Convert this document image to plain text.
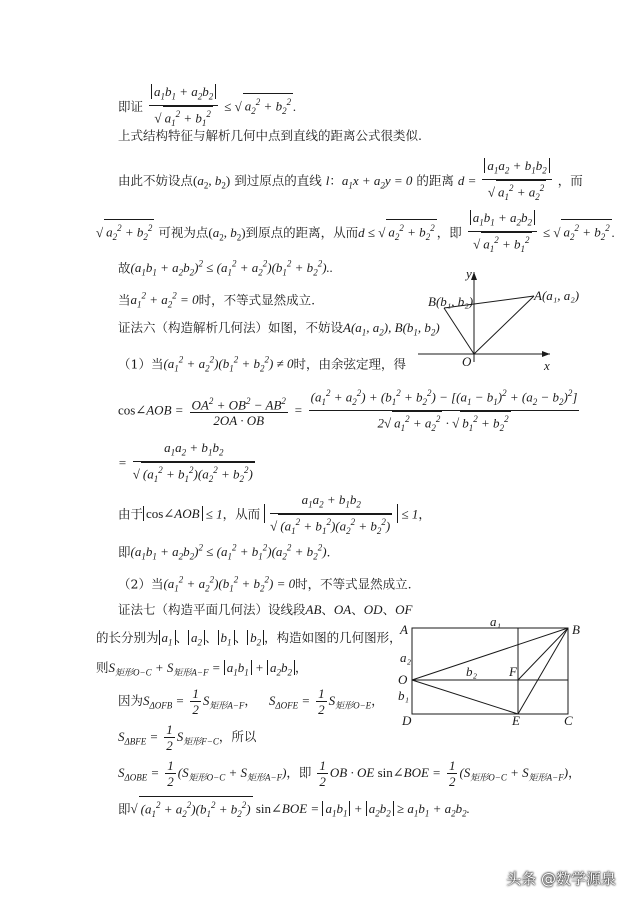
即证 $\frac{a_1b_1 + a_2b_2}{√ a_1^2 + b_1^2}$ ≤ √ $a_2^2 + b_2^2$ .
上式结构特征与解析几何中点到直线的距离公式很类似.
由此不妨设点($a_2$, $b_2$) 到过原点的直线 l：$a_1x + a_2y = 0$ 的距离 $d = \frac{a_1a_2 + b_1b_2}{√ a_1^2 + a_2^2}$ ，而
√ $a_2^2 + b_2^2$ 可视为点($a_2$, $b_2$)到原点的距离，从而d ≤ √ $a_2^2 + b_2^2$ ，即 $\frac{a_1b_1 + a_2b_2}{√ a_1^2 + b_1^2}$ ≤ √ $a_2^2 + b_2^2$ .
故$(a_1b_1 + a_2b_2)^2 \le (a_1^2 + a_2^2)(b_1^2 + b_2^2)$..
当$a_1^2 + a_2^2 = 0$时，不等式显然成立.
证法六（构造解析几何法）如图，不妨设$A(a_1$, $a_2$), $B(b_1$, $b_2$)
y
x
O
A(a₁, a₂)
B(b₁, b₂)
（1）当$(a_1^2 + a_2^2)(b_1^2 + b_2^2) \ne 0$时，由余弦定理，得
cos∠AOB = $\frac{OA^2 + OB^2 - AB^2}{2OA \cdot OB} = \frac{(a_1^2 + a_2^2) + (b_1^2 + b_2^2) - [(a_1 - b_1)^2 + (a_2 - b_2)^2]}{2√ a_1^2 + a_2^2 \cdot √ b_1^2 + b_2^2}$
= $\frac{a_1a_2 + b_1b_2}{√ (a_1^2 + b_1^2)(a_2^2 + b_2^2)}$
由于 cos∠AOB ≤ 1，从而 $\frac{a_1a_2 + b_1b_2}{√ (a_1^2 + b_1^2)(a_2^2 + b_2^2)} \le 1$，
即$(a_1b_1 + a_2b_2)^2 \le (a_1^2 + b_1^2)(a_2^2 + b_2^2)$.
（2）当$(a_1^2 + a_2^2)(b_1^2 + b_2^2) = 0$时，不等式显然成立.
证法七（构造平面几何法）设线段AB、OA、OD、OF
的长分别为 $a_1$ 、 $a_2$ 、 $b_1$ 、 $b_2$ ，构造如图的几何图形，
则$S_{矩形O-C} + S_{矩形A-F} = a_1b_1 + a_2b_2$ ，
因为$S_{\Delta OFB} = \frac{1}{2} S_{矩形A-F}$，   $S_{\Delta OFE} = \frac{1}{2} S_{矩形O-E}$，
$S_{\Delta BFE} = \frac{1}{2} S_{矩形F-C}$，所以
A	B
C
D	E
F
O
a₁
a₂
b₁
b₂
$S_{\Delta OBE} = \frac{1}{2} (S_{矩形O-C} + S_{矩形A-F})$，即 $\frac{1}{2}$ OB · OE sin∠BOE = $\frac{1}{2} (S_{矩形O-C} + S_{矩形A-F})$，
即√ $(a_1^2 + a_2^2)(b_1^2 + b_2^2)$ sin∠BOE = $a_1b_1 + a_2b_2 \ge a_1b_1 + a_2b_2$.
头条 @数学源泉
